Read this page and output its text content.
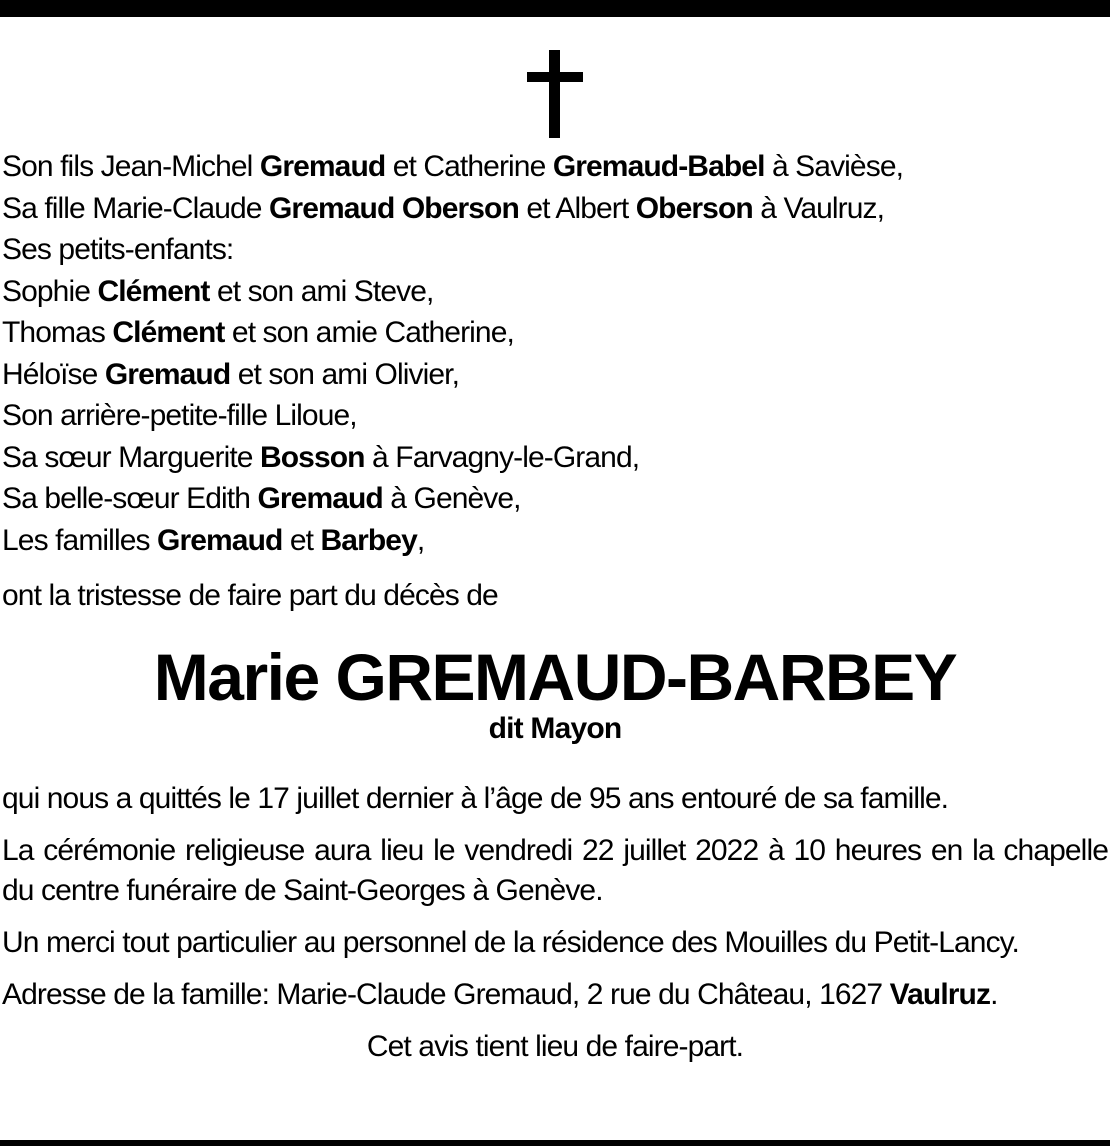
Son fils Jean-Michel Gremaud et Catherine Gremaud-Babel à Savièse,
Sa fille Marie-Claude Gremaud Oberson et Albert Oberson à Vaulruz,
Ses petits-enfants:
Sophie Clément et son ami Steve,
Thomas Clément et son amie Catherine,
Héloïse Gremaud et son ami Olivier,
Son arrière-petite-fille Liloue,
Sa sœur Marguerite Bosson à Farvagny-le-Grand,
Sa belle-sœur Edith Gremaud à Genève,
Les familles Gremaud et Barbey,
ont la tristesse de faire part du décès de
Marie GREMAUD-BARBEY
dit Mayon
qui nous a quittés le 17 juillet dernier à l’âge de 95 ans entouré de sa famille.
La cérémonie religieuse aura lieu le vendredi 22 juillet 2022 à 10 heures en la chapelle du centre funéraire de Saint-Georges à Genève.
Un merci tout particulier au personnel de la résidence des Mouilles du Petit-Lancy.
Adresse de la famille: Marie-Claude Gremaud, 2 rue du Château, 1627 Vaulruz.
Cet avis tient lieu de faire-part.
